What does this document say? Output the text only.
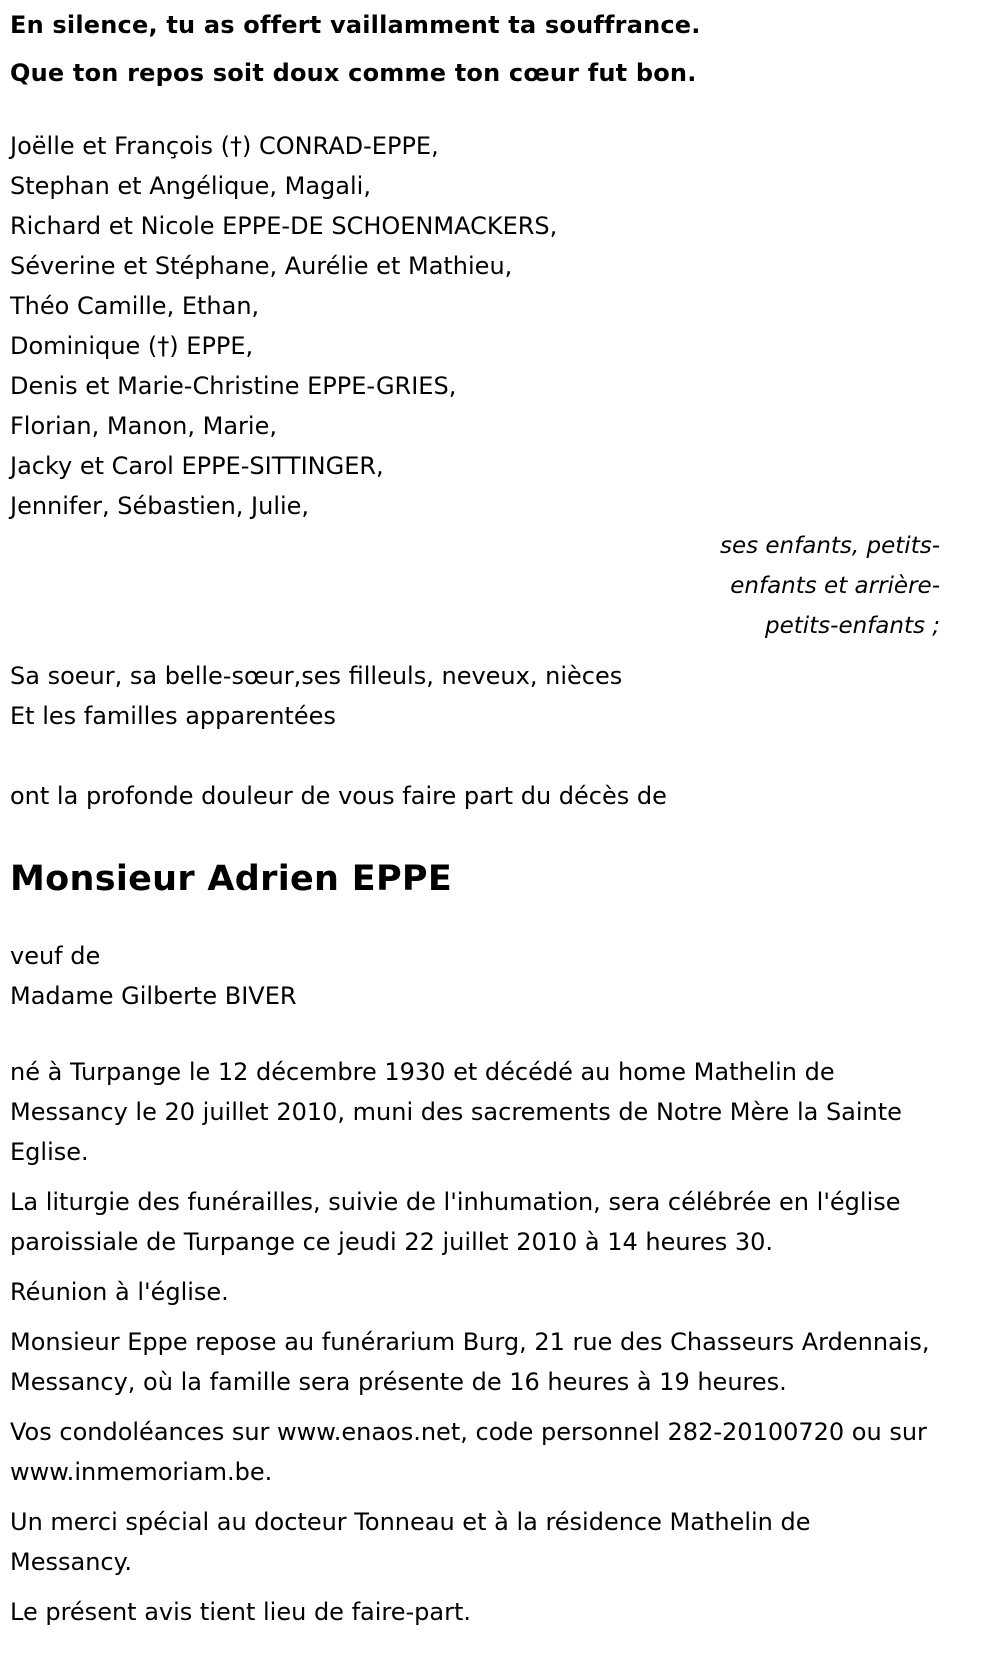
En silence, tu as offert vaillamment ta souffrance.
Que ton repos soit doux comme ton cœur fut bon.
Joëlle et François (†) CONRAD-EPPE,
Stephan et Angélique, Magali,
Richard et Nicole EPPE-DE SCHOENMACKERS,
Séverine et Stéphane, Aurélie et Mathieu,
Théo Camille, Ethan,
Dominique (†) EPPE,
Denis et Marie-Christine EPPE-GRIES,
Florian, Manon, Marie,
Jacky et Carol EPPE-SITTINGER,
Jennifer, Sébastien, Julie,
ses enfants, petits-
enfants et arrière-
petits-enfants ;
Sa soeur, sa belle-sœur,ses filleuls, neveux, nièces
Et les familles apparentées
ont la profonde douleur de vous faire part du décès de
Monsieur Adrien EPPE
veuf de
Madame Gilberte BIVER

né à Turpange le 12 décembre 1930 et décédé au home Mathelin de Messancy le 20 juillet 2010, muni des sacrements de Notre Mère la Sainte Eglise.

La liturgie des funérailles, suivie de l'inhumation, sera célébrée en l'église paroissiale de Turpange ce jeudi 22 juillet 2010 à 14 heures 30.

Réunion à l'église.

Monsieur Eppe repose au funérarium Burg, 21 rue des Chasseurs Ardennais, Messancy, où la famille sera présente de 16 heures à 19 heures.

Vos condoléances sur www.enaos.net, code personnel 282-20100720 ou sur www.inmemoriam.be.

Un merci spécial au docteur Tonneau et à la résidence Mathelin de Messancy.

Le présent avis tient lieu de faire-part.
